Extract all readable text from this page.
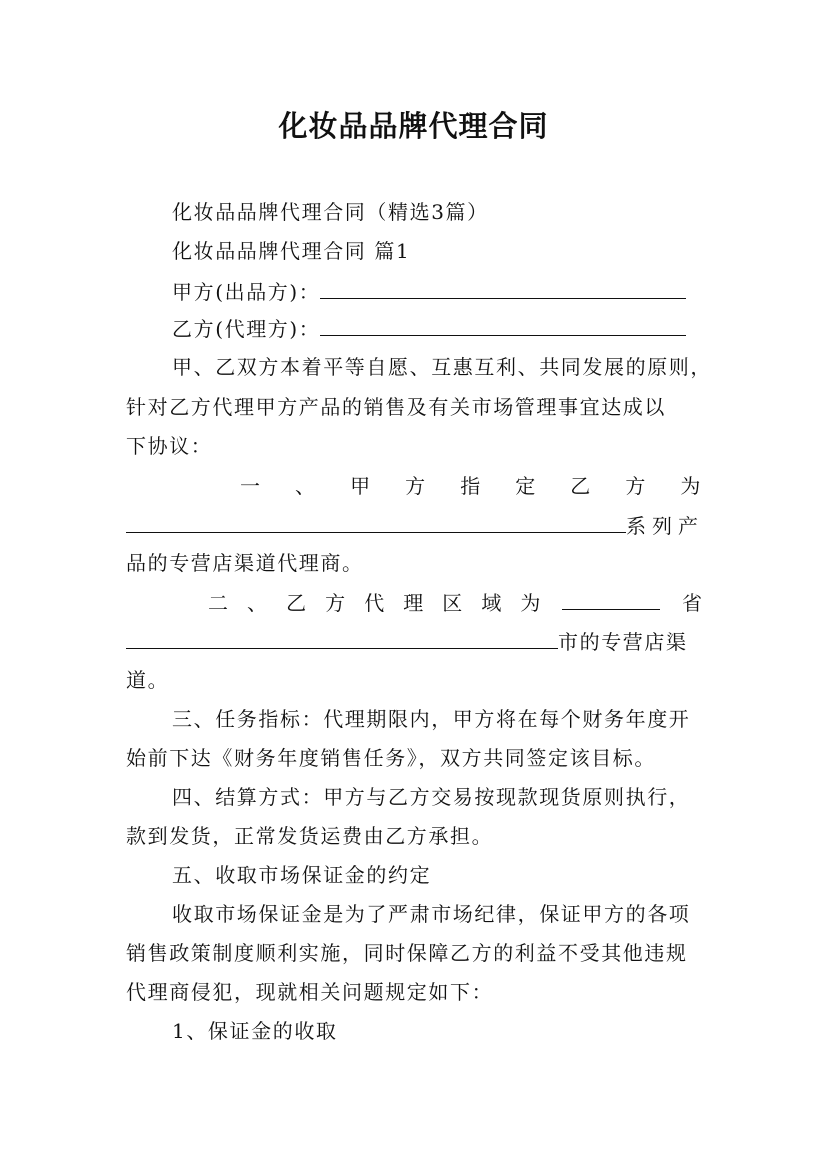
化妆品品牌代理合同
化妆品品牌代理合同（精选3篇）
化妆品品牌代理合同 篇1
甲方(出品方)：
乙方(代理方)：
甲、乙双方本着平等自愿、互惠互利、共同发展的原则，
针对乙方代理甲方产品的销售及有关市场管理事宜达成以
下协议：
一 、 甲 方 指 定 乙 方 为
系列产
品的专营店渠道代理商。
二 、 乙 方 代 理 区 域 为	省
市的专营店渠
道。
三、任务指标：代理期限内，甲方将在每个财务年度开
始前下达《财务年度销售任务》，双方共同签定该目标。
四、结算方式：甲方与乙方交易按现款现货原则执行，
款到发货，正常发货运费由乙方承担。
五、收取市场保证金的约定
收取市场保证金是为了严肃市场纪律，保证甲方的各项
销售政策制度顺利实施，同时保障乙方的利益不受其他违规
代理商侵犯，现就相关问题规定如下：
1、保证金的收取
